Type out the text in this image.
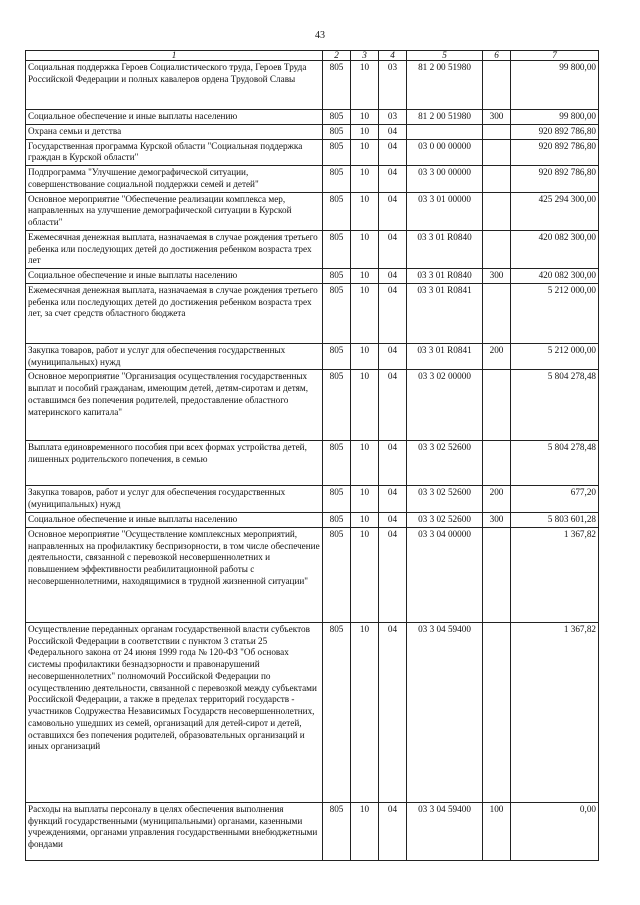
43
1	2	3	4	5	6	7
Социальная поддержка Героев Социалистического труда, Героев Труда Российской Федерации и полных кавалеров ордена Трудовой Славы	805	10	03	81 2 00 51980		99 800,00
Социальное обеспечение и иные выплаты населению	805	10	03	81 2 00 51980	300	99 800,00
Охрана семьи и детства	805	10	04			920 892 786,80
Государственная программа Курской области "Социальная поддержка граждан в Курской области"	805	10	04	03 0 00 00000		920 892 786,80
Подпрограмма "Улучшение демографической ситуации, совершенствование социальной поддержки семей и детей"	805	10	04	03 3 00 00000		920 892 786,80
Основное мероприятие "Обеспечение реализации комплекса мер, направленных на улучшение демографической ситуации в Курской области"	805	10	04	03 3 01 00000		425 294 300,00
Ежемесячная денежная выплата, назначаемая в случае рождения третьего ребенка или последующих детей до достижения ребенком возраста трех лет	805	10	04	03 3 01 R0840		420 082 300,00
Социальное обеспечение и иные выплаты населению	805	10	04	03 3 01 R0840	300	420 082 300,00
Ежемесячная денежная выплата, назначаемая в случае рождения третьего ребенка или последующих детей до достижения ребенком возраста трех лет, за счет средств областного бюджета	805	10	04	03 3 01 R0841		5 212 000,00
Закупка товаров, работ и услуг для обеспечения государственных (муниципальных) нужд	805	10	04	03 3 01 R0841	200	5 212 000,00
Основное мероприятие "Организация осуществления государственных выплат и пособий гражданам, имеющим детей, детям-сиротам и детям, оставшимся без попечения родителей, предоставление областного материнского капитала"	805	10	04	03 3 02 00000		5 804 278,48
Выплата единовременного пособия при всех формах устройства детей, лишенных родительского попечения, в семью	805	10	04	03 3 02 52600		5 804 278,48
Закупка товаров, работ и услуг для обеспечения государственных (муниципальных) нужд	805	10	04	03 3 02 52600	200	677,20
Социальное обеспечение и иные выплаты населению	805	10	04	03 3 02 52600	300	5 803 601,28
Основное мероприятие "Осуществление комплексных мероприятий, направленных на профилактику беспризорности, в том числе обеспечение деятельности, связанной с перевозкой несовершеннолетних и повышением эффективности реабилитационной работы с несовершеннолетними, находящимися в трудной жизненной ситуации"	805	10	04	03 3 04 00000		1 367,82
Осуществление переданных органам государственной власти субъектов Российской Федерации в соответствии с пунктом 3 статьи 25 Федерального закона от 24 июня 1999 года № 120-ФЗ "Об основах системы профилактики безнадзорности и правонарушений несовершеннолетних" полномочий Российской Федерации по осуществлению деятельности, связанной с перевозкой между субъектами Российской Федерации, а также в пределах территорий государств - участников Содружества Независимых Государств несовершеннолетних, самовольно ушедших из семей, организаций для детей-сирот и детей, оставшихся без попечения родителей, образовательных организаций и иных организаций	805	10	04	03 3 04 59400		1 367,82
Расходы на выплаты персоналу в целях обеспечения выполнения функций государственными (муниципальными) органами, казенными учреждениями, органами управления государственными внебюджетными фондами	805	10	04	03 3 04 59400	100	0,00
